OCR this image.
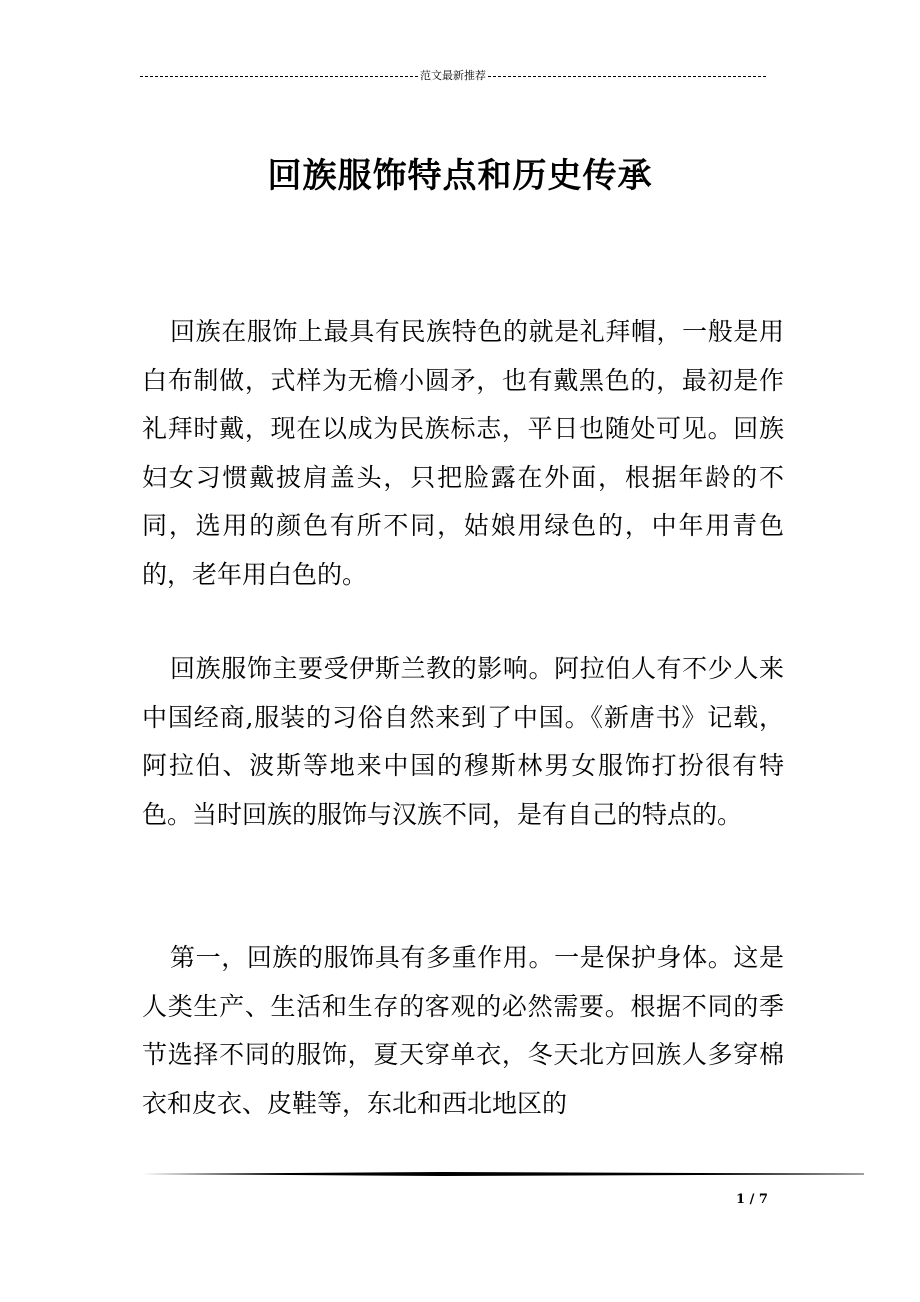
范文最新推荐
回族服饰特点和历史传承

回族在服饰上最具有民族特色的就是礼拜帽，一般是用白布制做，式样为无檐小圆矛，也有戴黑色的，最初是作礼拜时戴，现在以成为民族标志，平日也随处可见。回族妇女习惯戴披肩盖头，只把脸露在外面，根据年龄的不同，选用的颜色有所不同，姑娘用绿色的，中年用青色的，老年用白色的。

回族服饰主要受伊斯兰教的影响。阿拉伯人有不少人来中国经商,服装的习俗自然来到了中国。《新唐书》记载，阿拉伯、波斯等地来中国的穆斯林男女服饰打扮很有特色。当时回族的服饰与汉族不同，是有自己的特点的。

第一，回族的服饰具有多重作用。一是保护身体。这是人类生产、生活和生存的客观的必然需要。根据不同的季节选择不同的服饰，夏天穿单衣，冬天北方回族人多穿棉衣和皮衣、皮鞋等，东北和西北地区的

1 / 7
